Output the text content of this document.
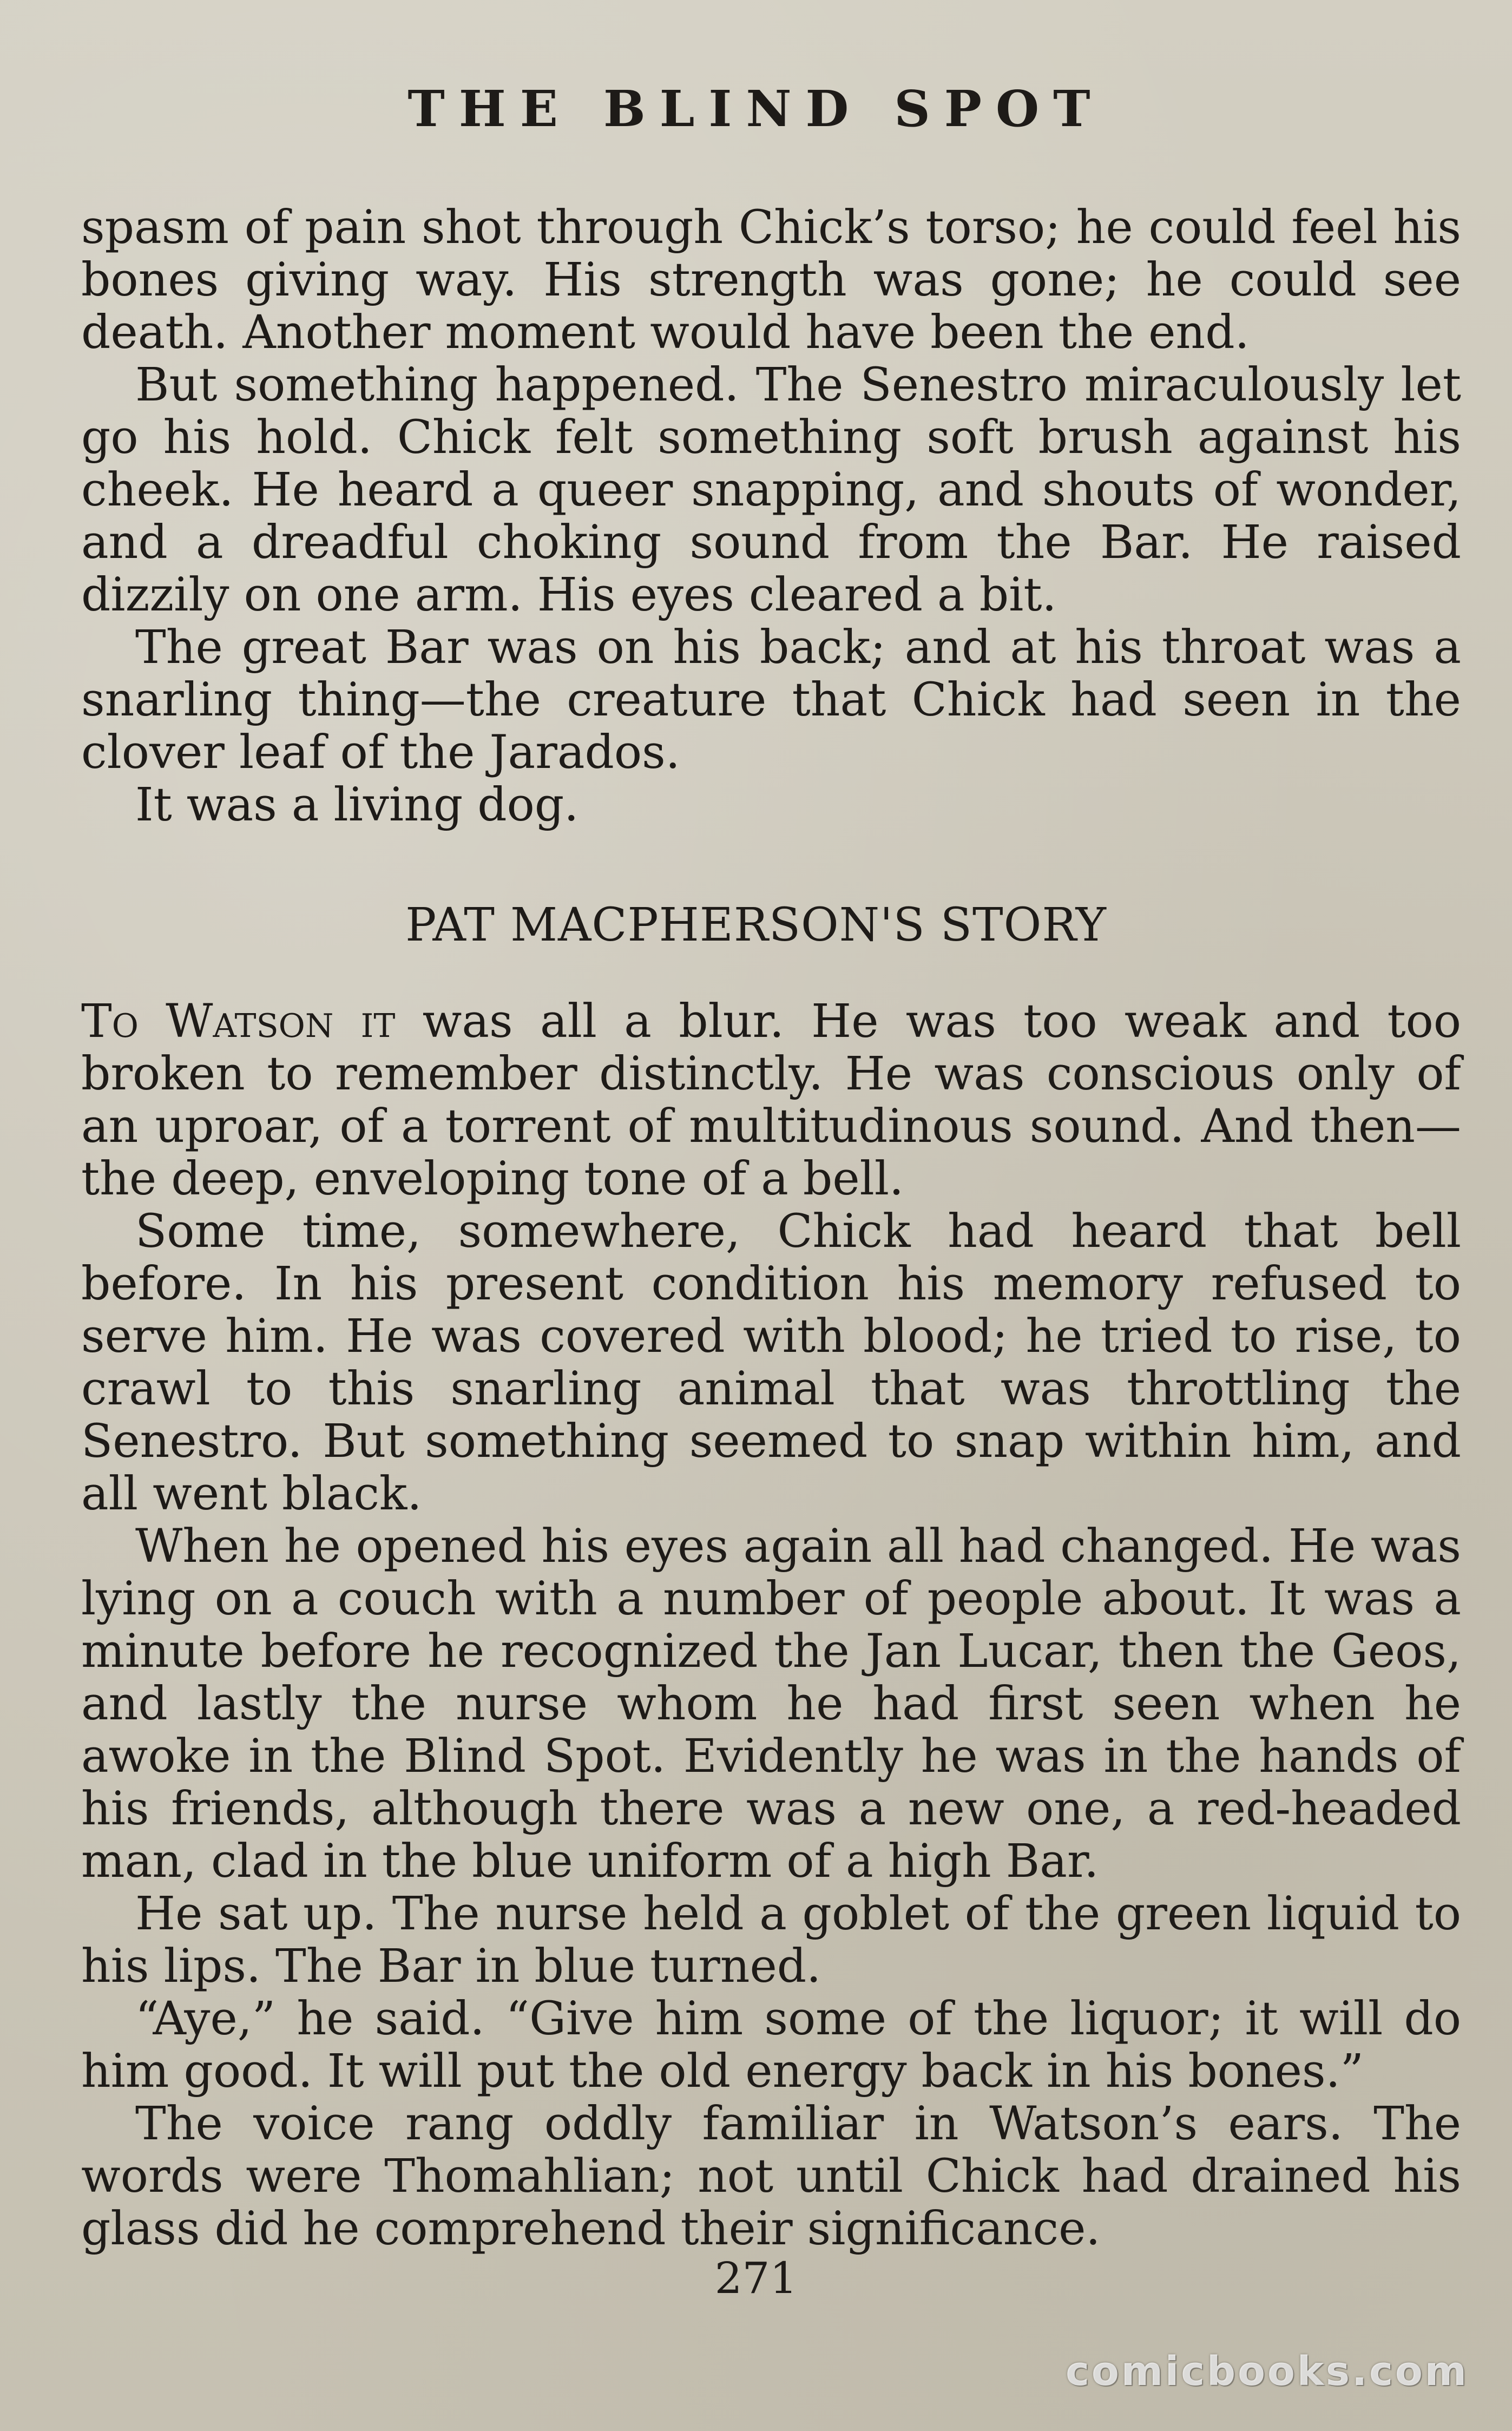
THE BLIND SPOT

spasm of pain shot through Chick’s torso; he could feel his bones giving way. His strength was gone; he could see death. Another moment would have been the end.

But something happened. The Senestro miraculously let go his hold. Chick felt something soft brush against his cheek. He heard a queer snapping, and shouts of wonder, and a dreadful choking sound from the Bar. He raised dizzily on one arm. His eyes cleared a bit.

The great Bar was on his back; and at his throat was a snarling thing—the creature that Chick had seen in the clover leaf of the Jarados.

It was a living dog.

PAT MACPHERSON'S STORY

To Watson it was all a blur. He was too weak and too broken to remember distinctly. He was conscious only of an uproar, of a torrent of multitudinous sound. And then—the deep, enveloping tone of a bell.

Some time, somewhere, Chick had heard that bell before. In his present condition his memory refused to serve him. He was covered with blood; he tried to rise, to crawl to this snarling animal that was throttling the Senestro. But something seemed to snap within him, and all went black.

When he opened his eyes again all had changed. He was lying on a couch with a number of people about. It was a minute before he recognized the Jan Lucar, then the Geos, and lastly the nurse whom he had first seen when he awoke in the Blind Spot. Evidently he was in the hands of his friends, although there was a new one, a red-headed man, clad in the blue uniform of a high Bar.

He sat up. The nurse held a goblet of the green liquid to his lips. The Bar in blue turned.

“Aye,” he said. “Give him some of the liquor; it will do him good. It will put the old energy back in his bones.”

The voice rang oddly familiar in Watson’s ears. The words were Thomahlian; not until Chick had drained his glass did he comprehend their significance.

271
comicbooks.com
